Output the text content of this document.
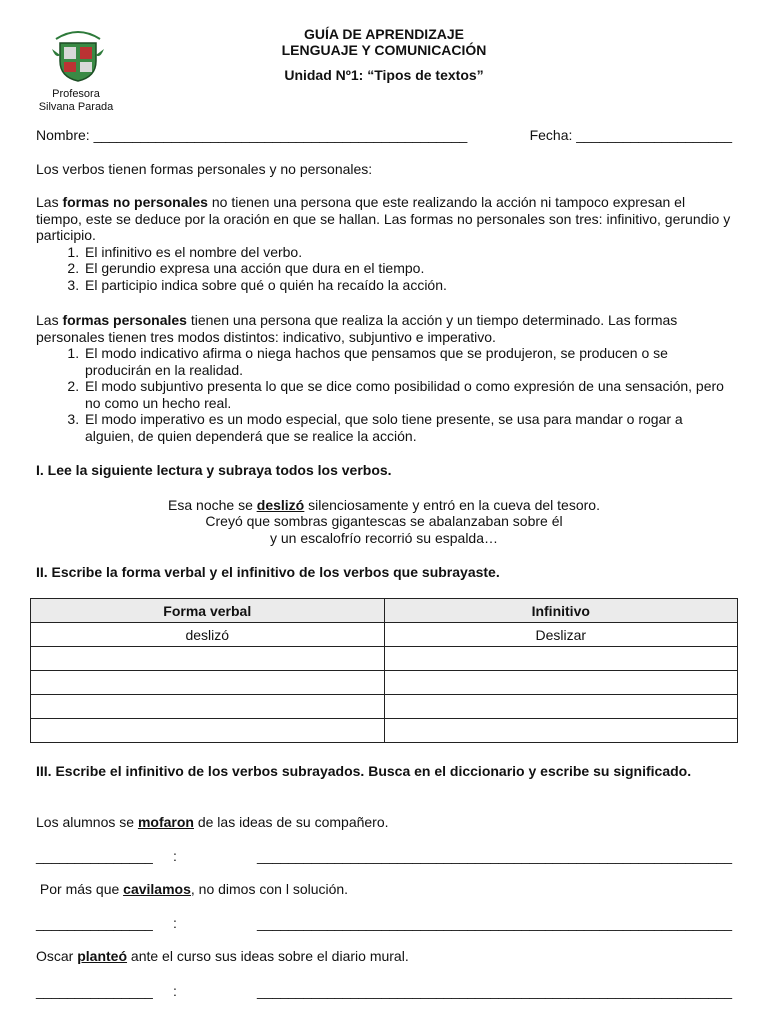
Profesora
Silvana Parada
GUÍA DE APRENDIZAJE
LENGUAJE Y COMUNICACIÓN
Unidad Nº1: “Tipos de textos”
Nombre: ________________________________________________	Fecha: ____________________
Los verbos tienen formas personales y no personales:
Las formas no personales no tienen una persona que este realizando la acción ni tampoco expresan el tiempo, este se deduce por la oración en que se hallan. Las formas no personales son tres: infinitivo, gerundio y participio.
1. El infinitivo es el nombre del verbo.
2. El gerundio expresa una acción que dura en el tiempo.
3. El participio indica sobre qué o quién ha recaído la acción.
Las formas personales tienen una persona que realiza la acción y un tiempo determinado. Las formas personales tienen tres modos distintos: indicativo, subjuntivo e imperativo.
1. El modo indicativo afirma o niega hachos que pensamos que se produjeron, se producen o se producirán en la realidad.
2. El modo subjuntivo presenta lo que se dice como posibilidad o como expresión de una sensación, pero no como un hecho real.
3. El modo imperativo es un modo especial, que solo tiene presente, se usa para mandar o rogar a alguien, de quien dependerá que se realice la acción.
I. Lee la siguiente lectura y subraya todos los verbos.
Esa noche se deslizó silenciosamente y entró en la cueva del tesoro.
Creyó que sombras gigantescas se abalanzaban sobre él
y un escalofrío recorrió su espalda…
II. Escribe la forma verbal y el infinitivo de los verbos que subrayaste.
Forma verbal	Infinitivo
deslizó	Deslizar

III. Escribe el infinitivo de los verbos subrayados. Busca en el diccionario y escribe su significado.
Los alumnos se mofaron de las ideas de su compañero.
_______________ :	_____________________________________________________________
Por más que cavilamos, no dimos con l solución.
_______________ :	_____________________________________________________________
Oscar planteó ante el curso sus ideas sobre el diario mural.
_______________ :	_____________________________________________________________
